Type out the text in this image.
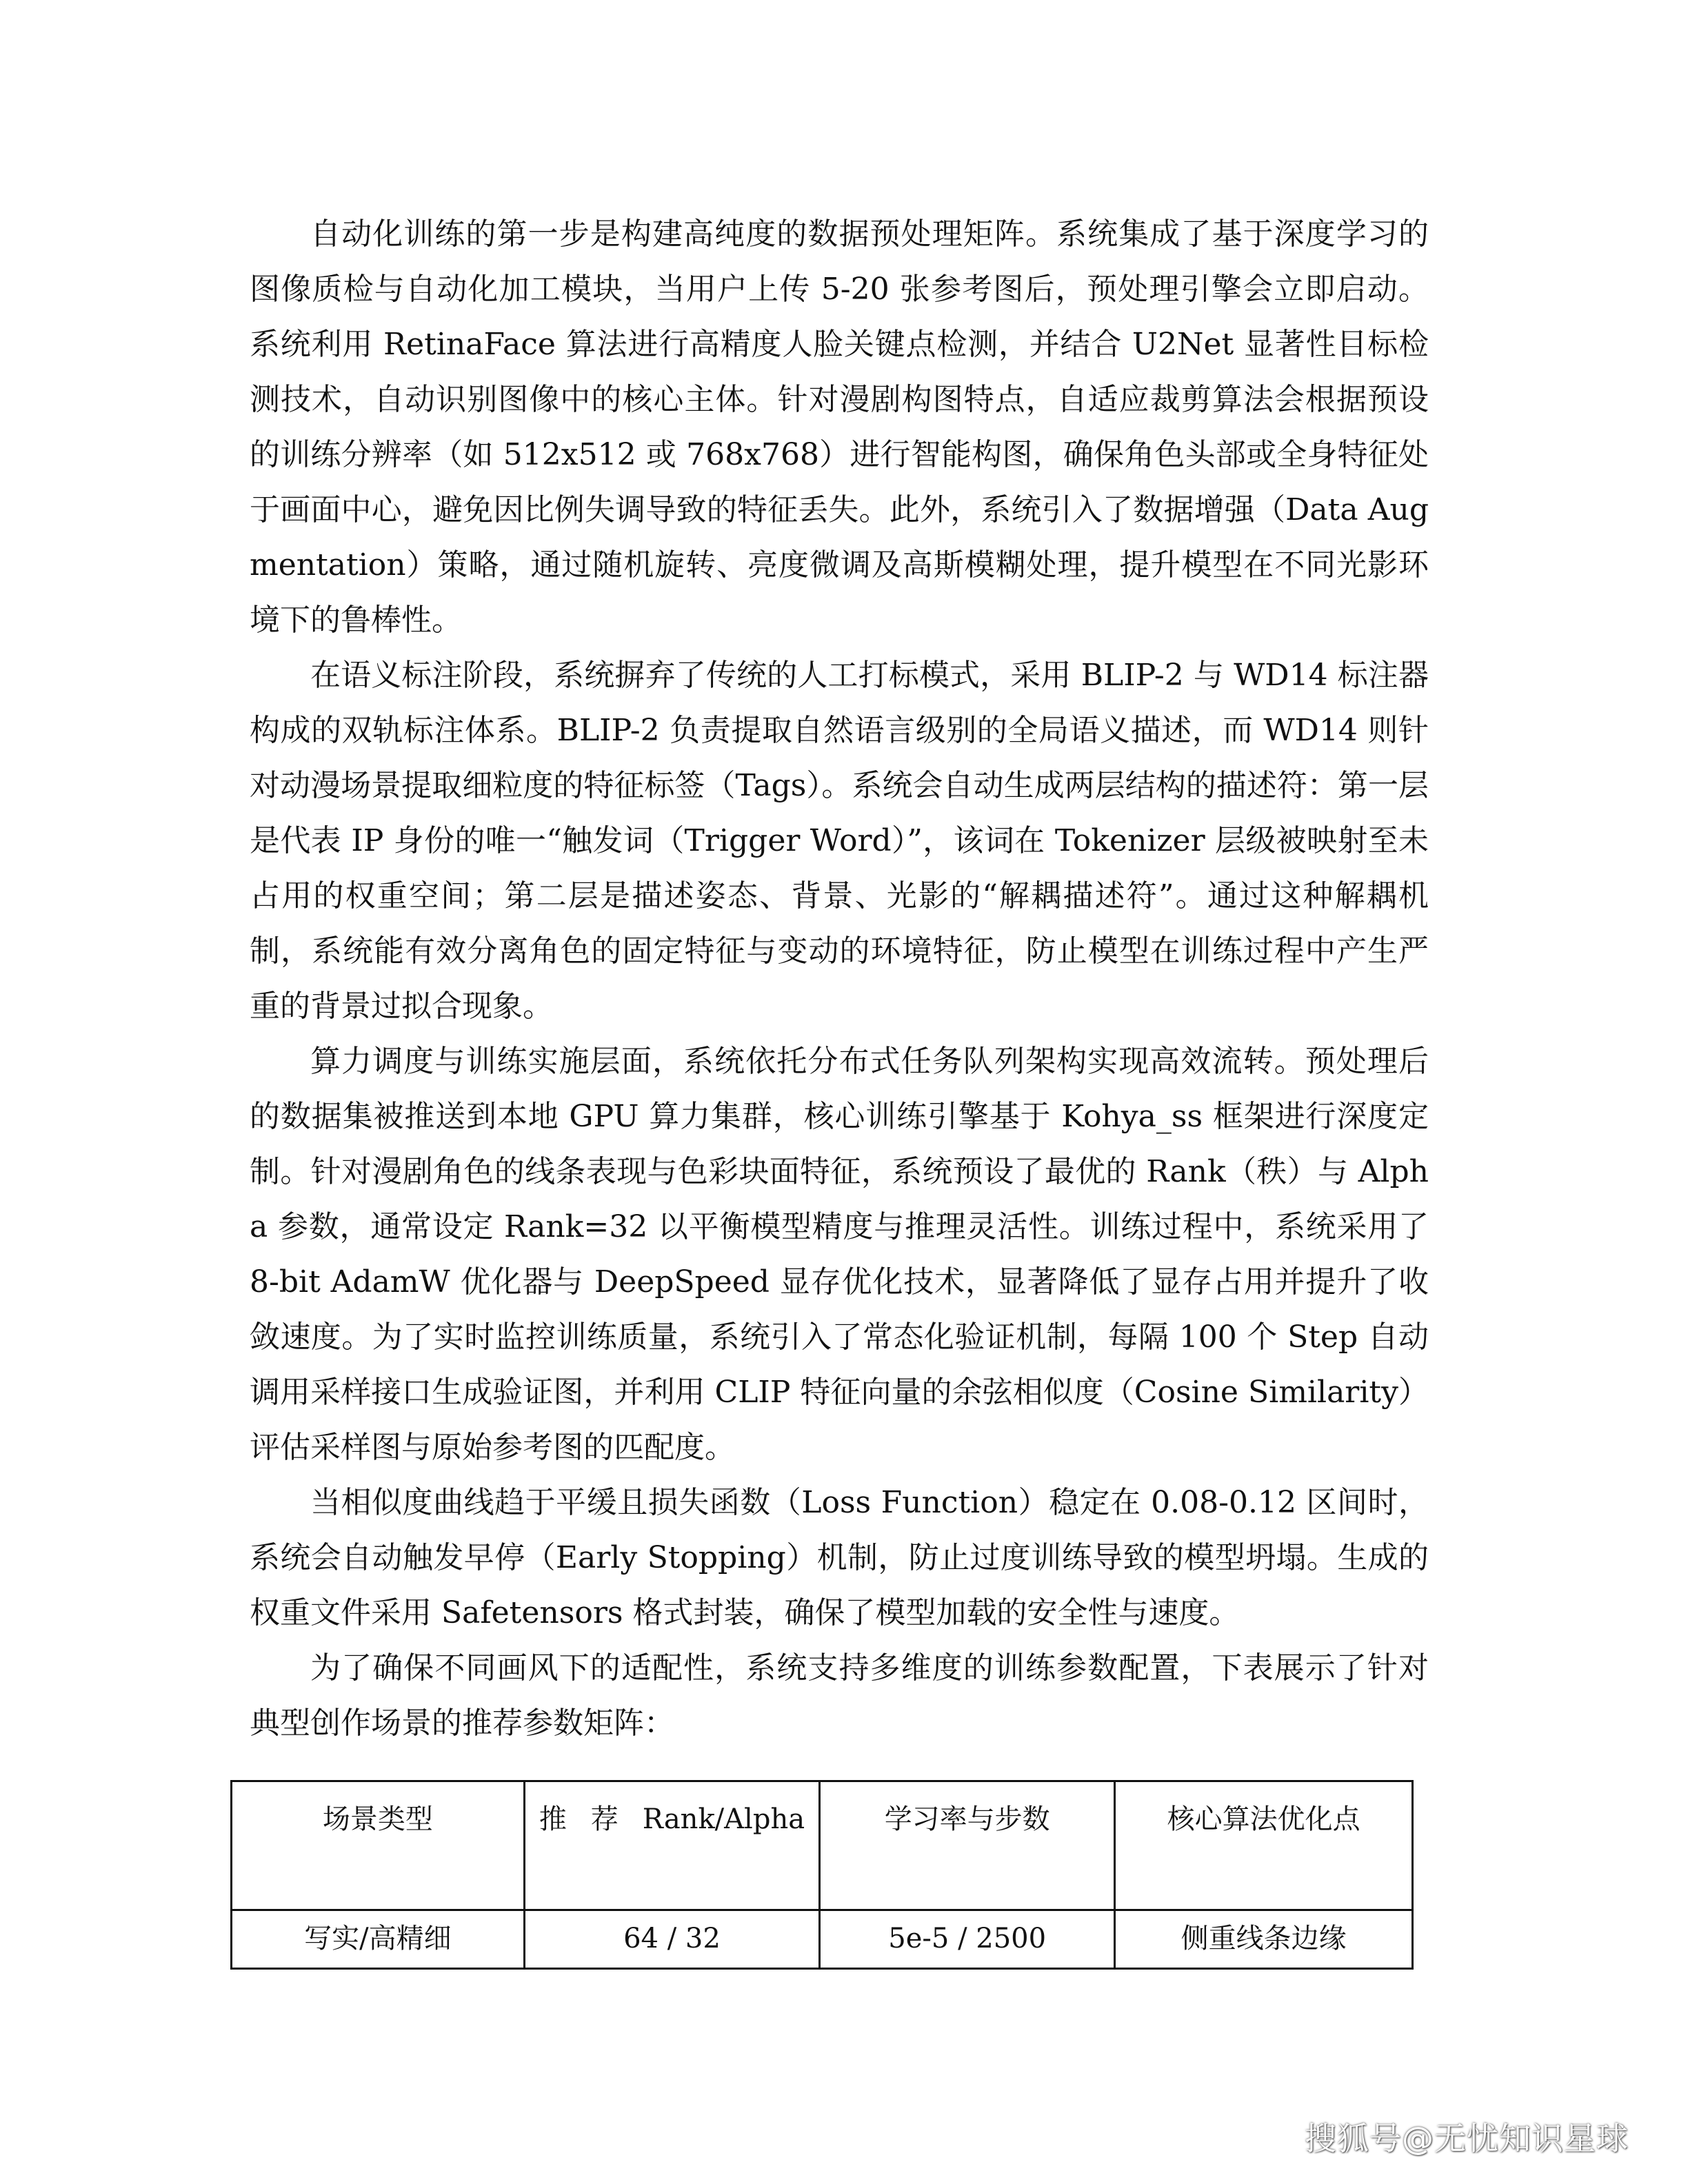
自动化训练的第一步是构建高纯度的数据预处理矩阵。系统集成了基于深度学习的图像质检与自动化加工模块，当用户上传 5-20 张参考图后，预处理引擎会立即启动。系统利用 RetinaFace 算法进行高精度人脸关键点检测，并结合 U2Net 显著性目标检测技术，自动识别图像中的核心主体。针对漫剧构图特点，自适应裁剪算法会根据预设的训练分辨率（如 512x512 或 768x768）进行智能构图，确保角色头部或全身特征处于画面中心，避免因比例失调导致的特征丢失。此外，系统引入了数据增强（Data Augmentation）策略，通过随机旋转、亮度微调及高斯模糊处理，提升模型在不同光影环境下的鲁棒性。

在语义标注阶段，系统摒弃了传统的人工打标模式，采用 BLIP-2 与 WD14 标注器构成的双轨标注体系。BLIP-2 负责提取自然语言级别的全局语义描述，而 WD14 则针对动漫场景提取细粒度的特征标签（Tags）。系统会自动生成两层结构的描述符：第一层是代表 IP 身份的唯一“触发词（Trigger Word）”，该词在 Tokenizer 层级被映射至未占用的权重空间；第二层是描述姿态、背景、光影的“解耦描述符”。通过这种解耦机制，系统能有效分离角色的固定特征与变动的环境特征，防止模型在训练过程中产生严重的背景过拟合现象。

算力调度与训练实施层面，系统依托分布式任务队列架构实现高效流转。预处理后的数据集被推送到本地 GPU 算力集群，核心训练引擎基于 Kohya_ss 框架进行深度定制。针对漫剧角色的线条表现与色彩块面特征，系统预设了最优的 Rank（秩）与 Alpha 参数，通常设定 Rank=32 以平衡模型精度与推理灵活性。训练过程中，系统采用了 8-bit AdamW 优化器与 DeepSpeed 显存优化技术，显著降低了显存占用并提升了收敛速度。为了实时监控训练质量，系统引入了常态化验证机制，每隔 100 个 Step 自动调用采样接口生成验证图，并利用 CLIP 特征向量的余弦相似度（Cosine Similarity）评估采样图与原始参考图的匹配度。

当相似度曲线趋于平缓且损失函数（Loss Function）稳定在 0.08-0.12 区间时，系统会自动触发早停（Early Stopping）机制，防止过度训练导致的模型坍塌。生成的权重文件采用 Safetensors 格式封装，确保了模型加载的安全性与速度。

为了确保不同画风下的适配性，系统支持多维度的训练参数配置，下表展示了针对典型创作场景的推荐参数矩阵：

场景类型	推 荐 Rank/Alpha	学习率与步数	核心算法优化点
写实/高精细	64 / 32	5e-5 / 2500	侧重线条边缘
搜狐号@无忧知识星球
